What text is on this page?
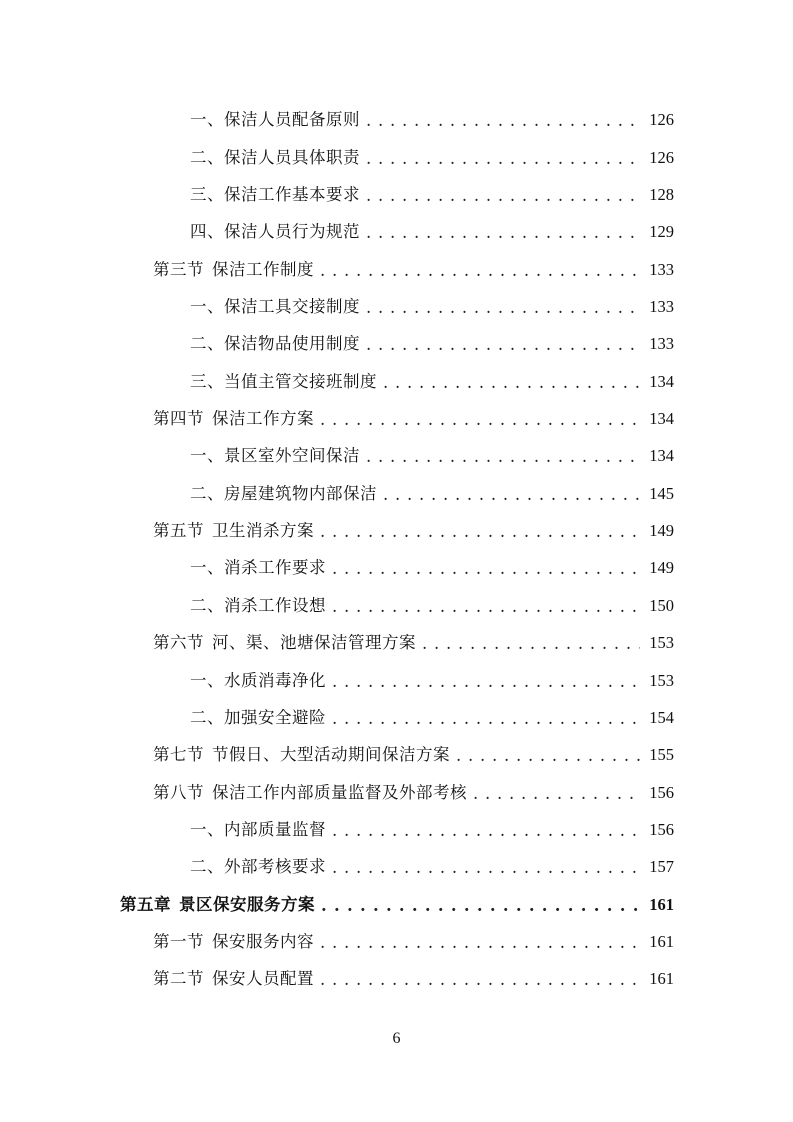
一、保洁人员配备原则 . . .	126
二、保洁人员具体职责 . . .	126
三、保洁工作基本要求 . . .	128
四、保洁人员行为规范 . . .	129
第三节 保洁工作制度 . . .	133
一、保洁工具交接制度 . . .	133
二、保洁物品使用制度 . . .	133
三、当值主管交接班制度 . . .	134
第四节 保洁工作方案 . . .	134
一、景区室外空间保洁 . . .	134
二、房屋建筑物内部保洁 . . .	145
第五节 卫生消杀方案 . . .	149
一、消杀工作要求 . . .	149
二、消杀工作设想 . . .	150
第六节 河、渠、池塘保洁管理方案 . . .	153
一、水质消毒净化 . . .	153
二、加强安全避险 . . .	154
第七节 节假日、大型活动期间保洁方案 . . .	155
第八节 保洁工作内部质量监督及外部考核 . . .	156
一、内部质量监督 . . .	156
二、外部考核要求 . . .	157
第五章 景区保安服务方案 . . .	161
第一节 保安服务内容 . . .	161
第二节 保安人员配置 . . .	161
6
